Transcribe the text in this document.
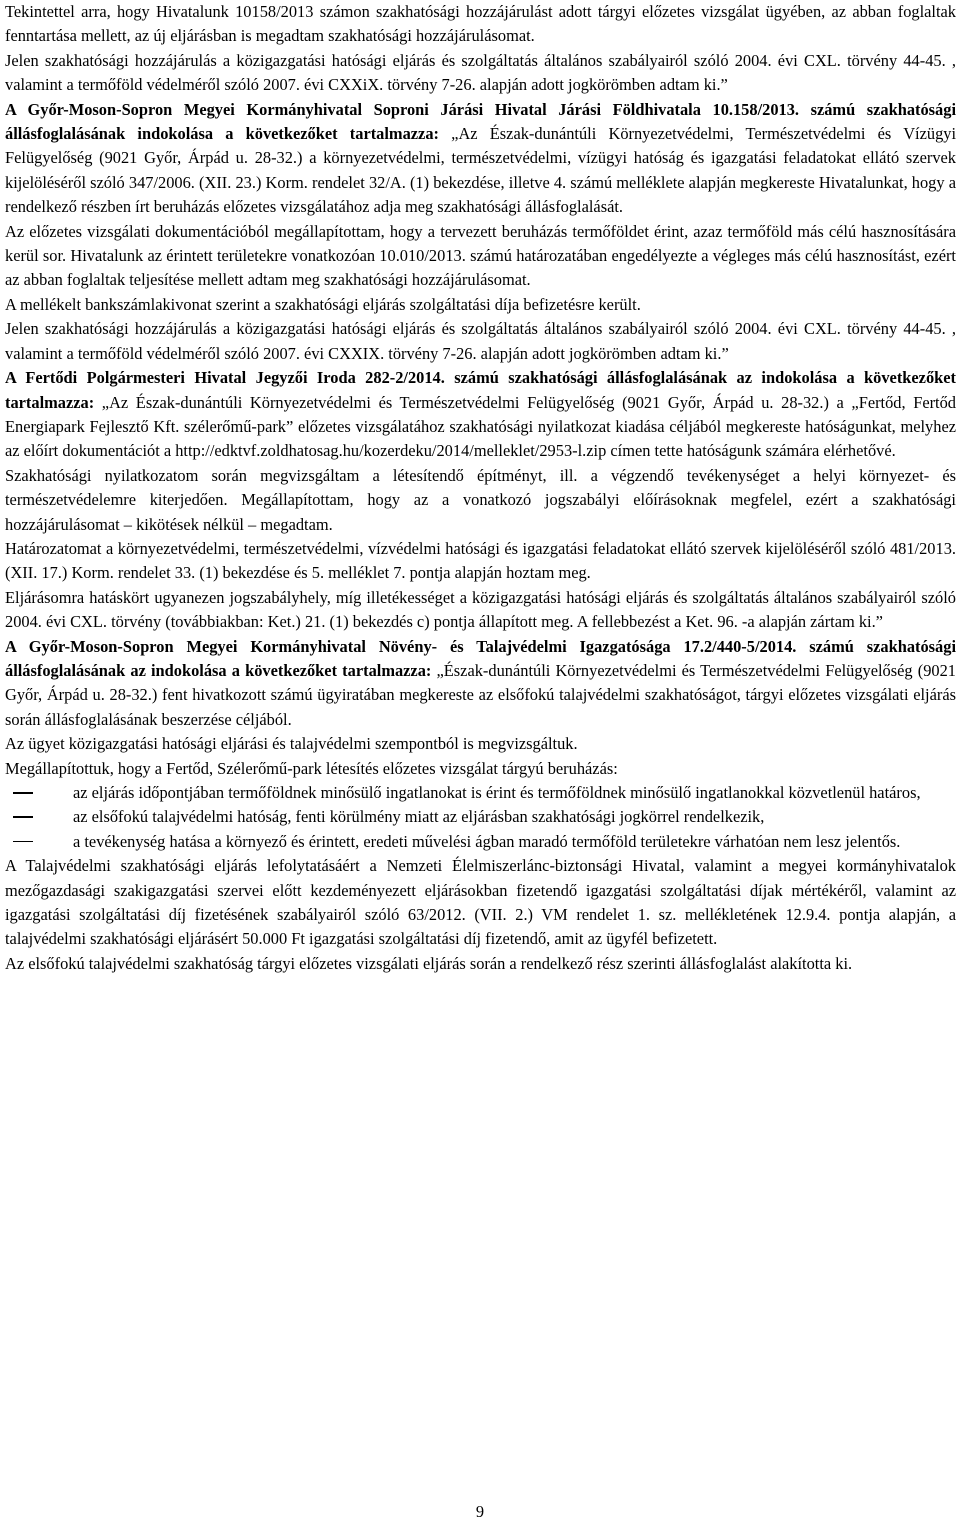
Tekintettel arra, hogy Hivatalunk 10158/2013 számon szakhatósági hozzájárulást adott tárgyi előzetes vizsgálat ügyében, az abban foglaltak fenntartása mellett, az új eljárásban is megadtam szakhatósági hozzájárulásomat.

Jelen szakhatósági hozzájárulás a közigazgatási hatósági eljárás és szolgáltatás általános szabályairól szóló 2004. évi CXL. törvény 44-45. , valamint a termőföld védelméről szóló 2007. évi CXXiX. törvény 7-26. alapján adott jogkörömben adtam ki.”

A Győr-Moson-Sopron Megyei Kormányhivatal Soproni Járási Hivatal Járási Földhivatala 10.158/2013. számú szakhatósági állásfoglalásának indokolása a következőket tartalmazza: „Az Észak-dunántúli Környezetvédelmi, Természetvédelmi és Vízügyi Felügyelőség (9021 Győr, Árpád u. 28-32.) a környezetvédelmi, természetvédelmi, vízügyi hatóság és igazgatási feladatokat ellátó szervek kijelöléséről szóló 347/2006. (XII. 23.) Korm. rendelet 32/A. (1) bekezdése, illetve 4. számú melléklete alapján megkereste Hivatalunkat, hogy a rendelkező részben írt beruházás előzetes vizsgálatához adja meg szakhatósági állásfoglalását.

Az előzetes vizsgálati dokumentációból megállapítottam, hogy a tervezett beruházás termőföldet érint, azaz termőföld más célú hasznosítására kerül sor. Hivatalunk az érintett területekre vonatkozóan 10.010/2013. számú határozatában engedélyezte a végleges más célú hasznosítást, ezért az abban foglaltak teljesítése mellett adtam meg szakhatósági hozzájárulásomat.

A mellékelt bankszámlakivonat szerint a szakhatósági eljárás szolgáltatási díja befizetésre került.

Jelen szakhatósági hozzájárulás a közigazgatási hatósági eljárás és szolgáltatás általános szabályairól szóló 2004. évi CXL. törvény 44-45. , valamint a termőföld védelméről szóló 2007. évi CXXIX. törvény 7-26. alapján adott jogkörömben adtam ki.”

A Fertődi Polgármesteri Hivatal Jegyzői Iroda 282-2/2014. számú szakhatósági állásfoglalásának az indokolása a következőket tartalmazza: „Az Észak-dunántúli Környezetvédelmi és Természetvédelmi Felügyelőség (9021 Győr, Árpád u. 28-32.) a „Fertőd, Fertőd Energiapark Fejlesztő Kft. szélerőmű-park” előzetes vizsgálatához szakhatósági nyilatkozat kiadása céljából megkereste hatóságunkat, melyhez az előírt dokumentációt a http://edktvf.zoldhatosag.hu/kozerdeku/2014/melleklet/2953-l.zip címen tette hatóságunk számára elérhetővé.

Szakhatósági nyilatkozatom során megvizsgáltam a létesítendő építményt, ill. a végzendő tevékenységet a helyi környezet- és természetvédelemre kiterjedően. Megállapítottam, hogy az a vonatkozó jogszabályi előírásoknak megfelel, ezért a szakhatósági hozzájárulásomat – kikötések nélkül – megadtam.

Határozatomat a környezetvédelmi, természetvédelmi, vízvédelmi hatósági és igazgatási feladatokat ellátó szervek kijelöléséről szóló 481/2013. (XII. 17.) Korm. rendelet 33. (1) bekezdése és 5. melléklet 7. pontja alapján hoztam meg.

Eljárásomra hatáskört ugyanezen jogszabályhely, míg illetékességet a közigazgatási hatósági eljárás és szolgáltatás általános szabályairól szóló 2004. évi CXL. törvény (továbbiakban: Ket.) 21. (1) bekezdés c) pontja állapított meg. A fellebbezést a Ket. 96. -a alapján zártam ki.”

A Győr-Moson-Sopron Megyei Kormányhivatal Növény- és Talajvédelmi Igazgatósága 17.2/440-5/2014. számú szakhatósági állásfoglalásának az indokolása a következőket tartalmazza: „Észak-dunántúli Környezetvédelmi és Természetvédelmi Felügyelőség (9021 Győr, Árpád u. 28-32.) fent hivatkozott számú ügyiratában megkereste az elsőfokú talajvédelmi szakhatóságot, tárgyi előzetes vizsgálati eljárás során állásfoglalásának beszerzése céljából.

Az ügyet közigazgatási hatósági eljárási és talajvédelmi szempontból is megvizsgáltuk.

Megállapítottuk, hogy a Fertőd, Szélerőmű-park létesítés előzetes vizsgálat tárgyú beruházás:

az eljárás időpontjában termőföldnek minősülő ingatlanokat is érint és termőföldnek minősülő ingatlanokkal közvetlenül határos,
az elsőfokú talajvédelmi hatóság, fenti körülmény miatt az eljárásban szakhatósági jogkörrel rendelkezik,
a tevékenység hatása a környező és érintett, eredeti művelési ágban maradó termőföld területekre várhatóan nem lesz jelentős.

A Talajvédelmi szakhatósági eljárás lefolytatásáért a Nemzeti Élelmiszerlánc-biztonsági Hivatal, valamint a megyei kormányhivatalok mezőgazdasági szakigazgatási szervei előtt kezdeményezett eljárásokban fizetendő igazgatási szolgáltatási díjak mértékéről, valamint az igazgatási szolgáltatási díj fizetésének szabályairól szóló 63/2012. (VII. 2.) VM rendelet 1. sz. mellékletének 12.9.4. pontja alapján, a talajvédelmi szakhatósági eljárásért 50.000 Ft igazgatási szolgáltatási díj fizetendő, amit az ügyfél befizetett.

Az elsőfokú talajvédelmi szakhatóság tárgyi előzetes vizsgálati eljárás során a rendelkező rész szerinti állásfoglalást alakította ki.

9
